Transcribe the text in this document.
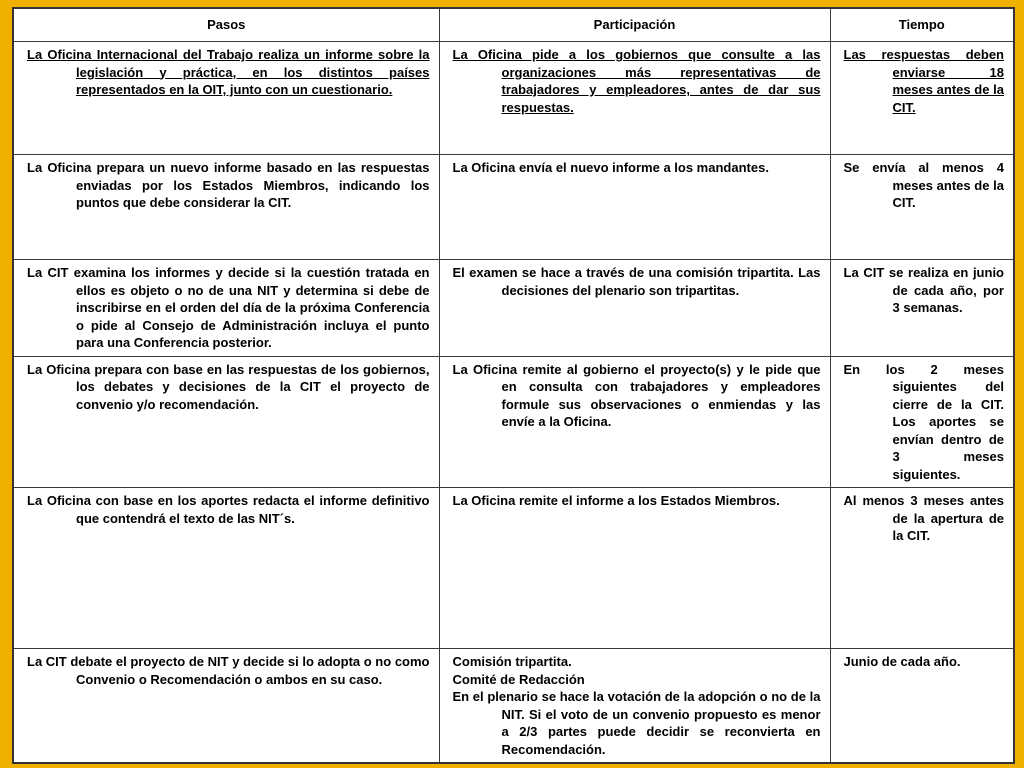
Pasos	Participación	Tiempo

La Oficina Internacional del Trabajo realiza un informe sobre la legislación y práctica, en los distintos países representados en la OIT, junto con un cuestionario.	La Oficina pide a los gobiernos que consulte a las organizaciones más representativas de trabajadores y empleadores, antes de dar sus respuestas.	Las respuestas deben enviarse 18 meses antes de la CIT.

La Oficina prepara un nuevo informe basado en las respuestas enviadas por los Estados Miembros, indicando los puntos que debe considerar la CIT.	La Oficina envía el nuevo informe a los mandantes.	Se envía al menos 4 meses antes de la CIT.

La CIT examina los informes y decide si la cuestión tratada en ellos es objeto o no de una NIT y determina si debe de inscribirse en el orden del día de la próxima Conferencia o pide al Consejo de Administración incluya el punto para una Conferencia posterior.	El examen se hace a través de una comisión tripartita. Las decisiones del plenario son tripartitas.	La CIT se realiza en junio de cada año, por 3 semanas.

La Oficina prepara con base en las respuestas de los gobiernos, los debates y decisiones de la CIT el proyecto de convenio y/o recomendación.	La Oficina remite al gobierno el proyecto(s) y le pide que en consulta con trabajadores y empleadores formule sus observaciones o enmiendas y las envíe a la Oficina.	En los 2 meses siguientes del cierre de la CIT. Los aportes se envían dentro de 3 meses siguientes.

La Oficina con base en los aportes redacta el informe definitivo que contendrá el texto de las NIT´s.	La Oficina remite el informe a los Estados Miembros.	Al menos 3 meses antes de la apertura de la CIT.

La CIT debate el proyecto de NIT y decide si lo adopta o no como Convenio o Recomendación o ambos en su caso.	Comisión tripartita.
Comité de Redacción
En el plenario se hace la votación de la adopción o no de la NIT. Si el voto de un convenio propuesto es menor a 2/3 partes puede decidir se reconvierta en Recomendación.	Junio de cada año.
